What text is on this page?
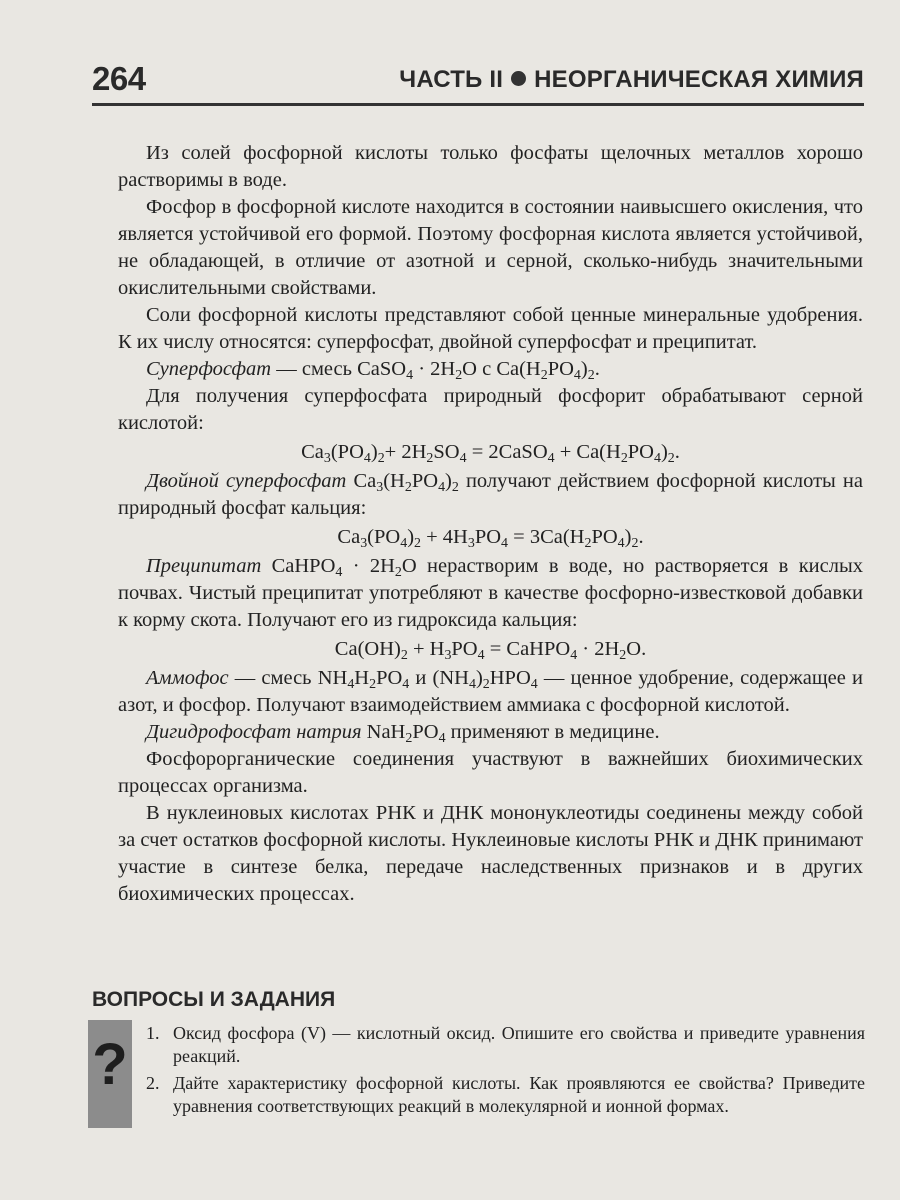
264	ЧАСТЬ II НЕОРГАНИЧЕСКАЯ ХИМИЯ

Из солей фосфорной кислоты только фосфаты щелочных металлов хорошо растворимы в воде.

Фосфор в фосфорной кислоте находится в состоянии наивысшего окисления, что является устойчивой его формой. Поэтому фосфорная кислота является устойчивой, не обладающей, в отличие от азотной и серной, сколько-нибудь значительными окислительными свойствами.

Соли фосфорной кислоты представляют собой ценные минеральные удобрения. К их числу относятся: суперфосфат, двойной суперфосфат и преципитат.

Суперфосфат — смесь CaSO$_4$ · $2H_2O$ с $Ca(H_2PO_4)_2$.

Для получения суперфосфата природный фосфорит обрабатывают серной кислотой:

$Ca_3(PO_4)_2+ 2H_2SO_4$ = 2CaSO$_4$ + $Ca(H_2PO_4)_2$.

Двойной суперфосфат $Ca_3(H_2PO_4)_2$ получают действием фосфорной кислоты на природный фосфат кальция:

$Ca_3(PO_4)_2 + 4H_3PO_4 = 3Ca(H_2PO_4)_2$.

Преципитат CaHPO$_4$ · $2H_2O$ нерастворим в воде, но растворяется в кислых почвах. Чистый преципитат употребляют в качестве фосфорно-известковой добавки к корму скота. Получают его из гидроксида кальция:

$Ca(OH)_2 + H_3PO_4$ = CaHPO$_4$ · $2H_2O$.

Аммофос — смесь $NH_4H_2PO_4$ и $(NH_4)_2HPO_4$ — ценное удобрение, содержащее и азот, и фосфор. Получают взаимодействием аммиака с фосфорной кислотой.

Дигидрофосфат натрия $NaH_2PO_4$ применяют в медицине.

Фосфорорганические соединения участвуют в важнейших биохимических процессах организма.

В нуклеиновых кислотах РНК и ДНК мононуклеотиды соединены между собой за счет остатков фосфорной кислоты. Нуклеиновые кислоты РНК и ДНК принимают участие в синтезе белка, передаче наследственных признаков и в других биохимических процессах.

ВОПРОСЫ И ЗАДАНИЯ
? 1. Оксид фосфора (V) — кислотный оксид. Опишите его свойства и приведите уравнения реакций.
2. Дайте характеристику фосфорной кислоты. Как проявляются ее свойства? Приведите уравнения соответствующих реакций в молекулярной и ионной формах.
